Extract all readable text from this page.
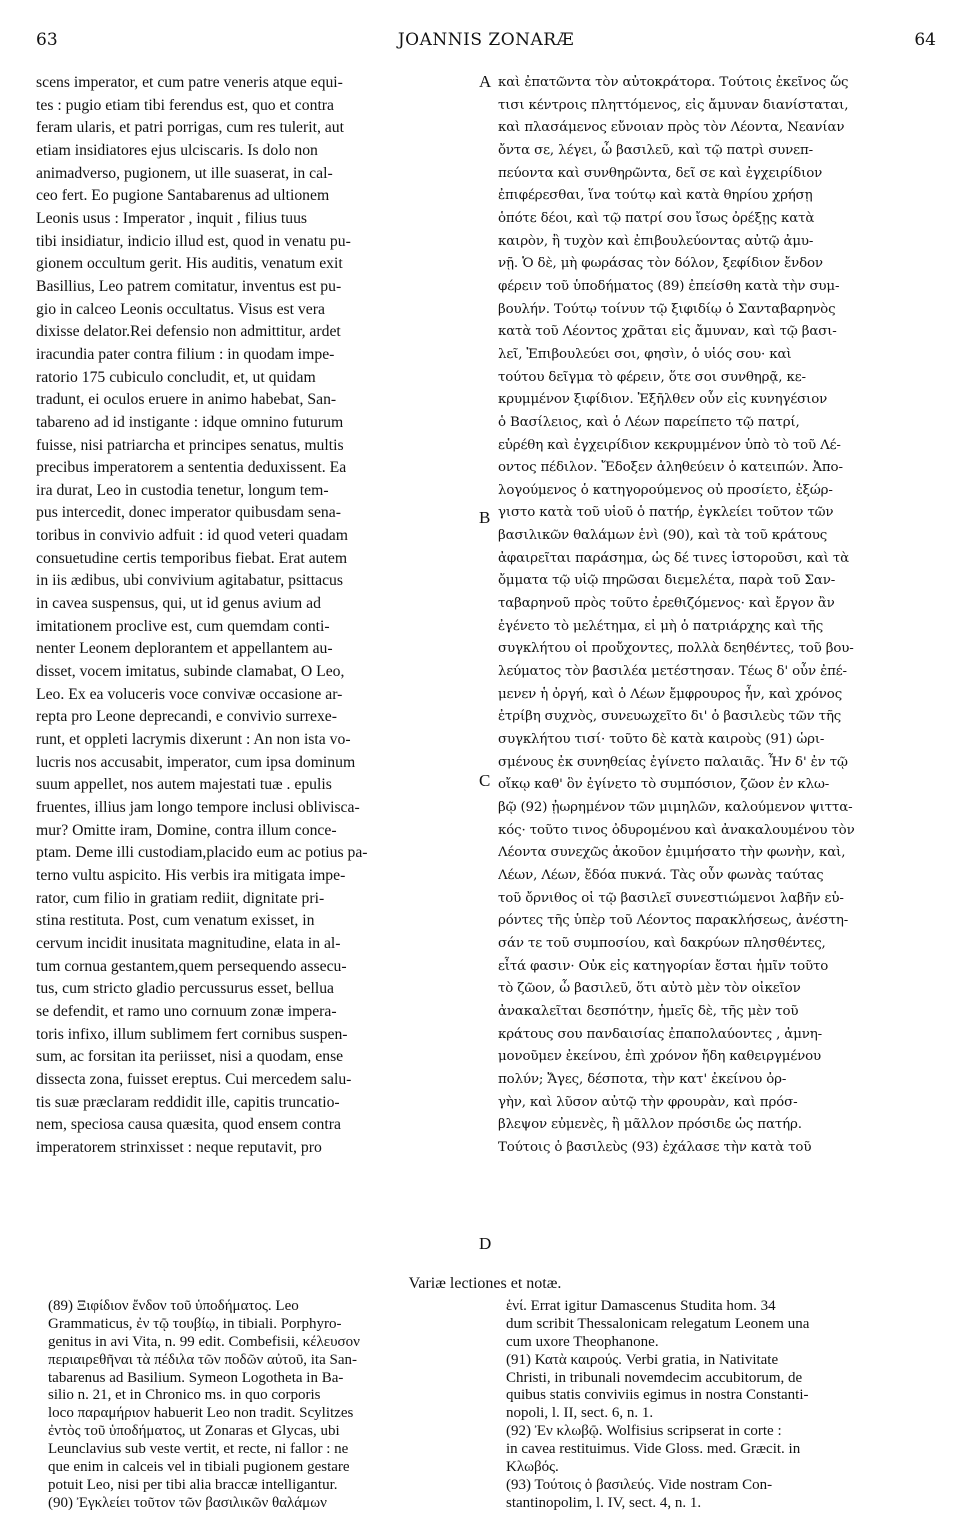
63	JOANNIS ZONARÆ	64
scens imperator, et cum patre veneris atque equi-
tes : pugio etiam tibi ferendus est, quo et contra
feram ularis, et patri porrigas, cum res tulerit, aut
etiam insidiatores ejus ulciscaris. Is dolo non
animadverso, pugionem, ut ille suaserat, in cal-
ceo fert. Eo pugione Santabarenus ad ultionem
Leonis usus : Imperator , inquit , filius tuus
tibi insidiatur, indicio illud est, quod in venatu pu-
gionem occultum gerit. His auditis, venatum exit
Basillius, Leo patrem comitatur, inventus est pu-
gio in calceo Leonis occultatus. Visus est vera
dixisse delator.Rei defensio non admittitur, ardet
iracundia pater contra filium : in quodam impe-
ratorio 175 cubiculo concludit, et, ut quidam
tradunt, ei oculos eruere in animo habebat, San-
tabareno ad id instigante : idque omnino futurum
fuisse, nisi patriarcha et principes senatus, multis
precibus imperatorem a sententia deduxissent. Ea
ira durat, Leo in custodia tenetur, longum tem-
pus intercedit, donec imperator quibusdam sena-
toribus in convivio adfuit : id quod veteri quadam
consuetudine certis temporibus fiebat. Erat autem
in iis ædibus, ubi convivium agitabatur, psittacus
in cavea suspensus, qui, ut id genus avium ad
imitationem proclive est, cum quemdam conti-
nenter Leonem deplorantem et appellantem au-
disset, vocem imitatus, subinde clamabat, O Leo,
Leo. Ex ea voluceris voce convivæ occasione ar-
repta pro Leone deprecandi, e convivio surrexe-
runt, et oppleti lacrymis dixerunt : An non ista vo-
lucris nos accusabit, imperator, cum ipsa dominum
suum appellet, nos autem majestati tuæ . epulis
fruentes, illius jam longo tempore inclusi oblivisca-
mur? Omitte iram, Domine, contra illum conce-
ptam. Deme illi custodiam,placido eum ac potius pa-
terno vultu aspicito. His verbis ira mitigata impe-
rator, cum filio in gratiam rediit, dignitate pri-
stina restituta. Post, cum venatum exisset, in
cervum incidit inusitata magnitudine, elata in al-
tum cornua gestantem,quem persequendo assecu-
tus, cum stricto gladio percussurus esset, bellua
se defendit, et ramo uno cornuum zonæ impera-
toris infixo, illum sublimem fert cornibus suspen-
sum, ac forsitan ita periisset, nisi a quodam, ense
dissecta zona, fuisset ereptus. Cui mercedem salu-
tis suæ præclaram reddidit ille, capitis truncatio-
nem, speciosa causa quæsita, quod ensem contra
imperatorem strinxisset : neque reputavit, pro
καὶ ἐπατῶντα τὸν αὐτοκράτορα. Τούτοις ἐκεῖνος ὥς
τισι κέντροις πληττόμενος, εἰς ἄμυναν διανίσταται,
καὶ πλασάμενος εὔνοιαν πρὸς τὸν Λέοντα, Νεανίαν
ὄντα σε, λέγει, ὦ βασιλεῦ, καὶ τῷ πατρὶ συνεπ-
πεύοντα καὶ συνθηρῶντα, δεῖ σε καὶ ἐγχειρίδιον
ἐπιφέρεσθαι, ἵνα τούτῳ καὶ κατὰ θηρίου χρήσῃ
ὁπότε δέοι, καὶ τῷ πατρί σου ἴσως ὀρέξῃς κατὰ
καιρὸν, ἢ τυχὸν καὶ ἐπιβουλεύοντας αὐτῷ ἀμυ-
νῇ. Ὁ δὲ, μὴ φωράσας τὸν δόλον, ξεφίδιον ἔνδον
φέρειν τοῦ ὑποδήματος (89) ἐπείσθη κατὰ τὴν συμ-
βουλήν. Τούτῳ τοίνυν τῷ ξιφιδίῳ ὁ Σανταβαρηνὸς
κατὰ τοῦ Λέοντος χρᾶται εἰς ἄμυναν, καὶ τῷ βασι-
λεῖ, Ἐπιβουλεύει σοι, φησὶν, ὁ υἱός σου· καὶ
τούτου δεῖγμα τὸ φέρειν, ὅτε σοι συνθηρᾷ, κε-
κρυμμένον ξιφίδιον. Ἐξῆλθεν οὖν εἰς κυνηγέσιον
ὁ Βασίλειος, καὶ ὁ Λέων παρείπετο τῷ πατρί,
εὑρέθη καὶ ἐγχειρίδιον κεκρυμμένον ὑπὸ τὸ τοῦ Λέ-
οντος πέδιλον. Ἔδοξεν ἀληθεύειν ὁ κατειπών. Ἀπο-
λογούμενος ὁ κατηγορούμενος οὐ προσίετο, ἐξώρ-
γιστο κατὰ τοῦ υἱοῦ ὁ πατήρ, ἐγκλείει τοῦτον τῶν
βασιλικῶν θαλάμων ἑνὶ (90), καὶ τὰ τοῦ κράτους
ἀφαιρεῖται παράσημα, ὡς δέ τινες ἱστοροῦσι, καὶ τὰ
ὄμματα τῷ υἱῷ πηρῶσαι διεμελέτα, παρὰ τοῦ Σαν-
ταβαρηνοῦ πρὸς τοῦτο ἐρεθιζόμενος· καὶ ἔργον ἂν
ἐγένετο τὸ μελέτημα, εἰ μὴ ὁ πατριάρχης καὶ τῆς
συγκλήτου οἱ προὔχοντες, πολλὰ δεηθέντες, τοῦ βου-
λεύματος τὸν βασιλέα μετέστησαν. Τέως δ' οὖν ἐπέ-
μενεν ἡ ὀργή, καὶ ὁ Λέων ἔμφρουρος ἦν, καὶ χρόνος
ἐτρίβη συχνὸς, συνευωχεῖτο δι' ὁ βασιλεὺς τῶν τῆς
συγκλήτου τισί· τοῦτο δὲ κατὰ καιροὺς (91) ὡρι-
σμένους ἐκ συνηθείας ἐγίνετο παλαιᾶς. Ἦν δ' ἐν τῷ
οἴκῳ καθ' ὃν ἐγίνετο τὸ συμπόσιον, ζῶον ἐν κλω-
βῷ (92) ᾐωρημένον τῶν μιμηλῶν, καλούμενον ψιττα-
κός· τοῦτο τινος ὀδυρομένου καὶ ἀνακαλουμένου τὸν
Λέοντα συνεχῶς ἀκοῦον ἐμιμήσατο τὴν φωνὴν, καὶ,
Λέων, Λέων, ἔδόα πυκνά. Τὰς οὖν φωνὰς ταύτας
τοῦ ὄρνιθος οἱ τῷ βασιλεῖ συνεστιώμενοι λαβῆν εὑ-
ρόντες τῆς ὑπὲρ τοῦ Λέοντος παρακλήσεως, ἀνέστη-
σάν τε τοῦ συμποσίου, καὶ δακρύων πλησθέντες,
εἶτά φασιν· Οὐκ εἰς κατηγορίαν ἔσται ἡμῖν τοῦτο
τὸ ζῶον, ὦ βασιλεῦ, ὅτι αὐτὸ μὲν τὸν οἰκεῖον
ἀνακαλεῖται δεσπότην, ἡμεῖς δὲ, τῆς μὲν τοῦ
κράτους σου πανδαισίας ἐπαπολαύοντες , ἀμνη-
μονοῦμεν ἐκείνου, ἐπὶ χρόνον ἤδη καθειργμένου
πολύν; Ἄγες, δέσποτα, τὴν κατ' ἐκείνου ὀρ-
γὴν, καὶ λῦσον αὐτῷ τὴν φρουρὰν, καὶ πρόσ-
βλεψον εὐμενὲς, ἢ μᾶλλον πρόσιδε ὡς πατήρ.
Τούτοις ὁ βασιλεὺς (93) ἐχάλασε τὴν κατὰ τοῦ
A
B
C
D
Variæ lectiones et notæ.
(89) Ξιφίδιον ἔνδον τοῦ ὑποδήματος. Leo
Grammaticus, ἐν τῷ τουβίῳ, in tibiali. Porphyro-
genitus in avi Vita, n. 99 edit. Combefisii, κέλευσον
περιαιρεθῆναι τὰ πέδιλα τῶν ποδῶν αὐτοῦ, ita San-
tabarenus ad Basilium. Symeon Logotheta in Ba-
silio n. 21, et in Chronico ms. in quo corporis
loco παραμήριον habuerit Leo non tradit. Scylitzes
ἐντὸς τοῦ ὑποδήματος, ut Zonaras et Glycas, ubi
Leunclavius sub veste vertit, et recte, ni fallor : ne
que enim in calceis vel in tibiali pugionem gestare
potuit Leo, nisi per tibi alia braccæ intelligantur.
(90) Ἐγκλείει τοῦτον τῶν βασιλικῶν θαλάμων
ἑνί. Errat igitur Damascenus Studita hom. 34
dum scribit Thessalonicam relegatum Leonem una
cum uxore Theophanone.
(91) Κατὰ καιρούς. Verbi gratia, in Nativitate
Christi, in tribunali novemdecim accubitorum, de
quibus statis conviviis egimus in nostra Constanti-
nopoli, l. II, sect. 6, n. 1.
(92) Ἐν κλωβῷ. Wolfisius scripserat in corte :
in cavea restituimus. Vide Gloss. med. Græcit. in
Κλωβός.
(93) Τούτοις ὁ βασιλεύς. Vide nostram Con-
stantinopolim, l. IV, sect. 4, n. 1.
